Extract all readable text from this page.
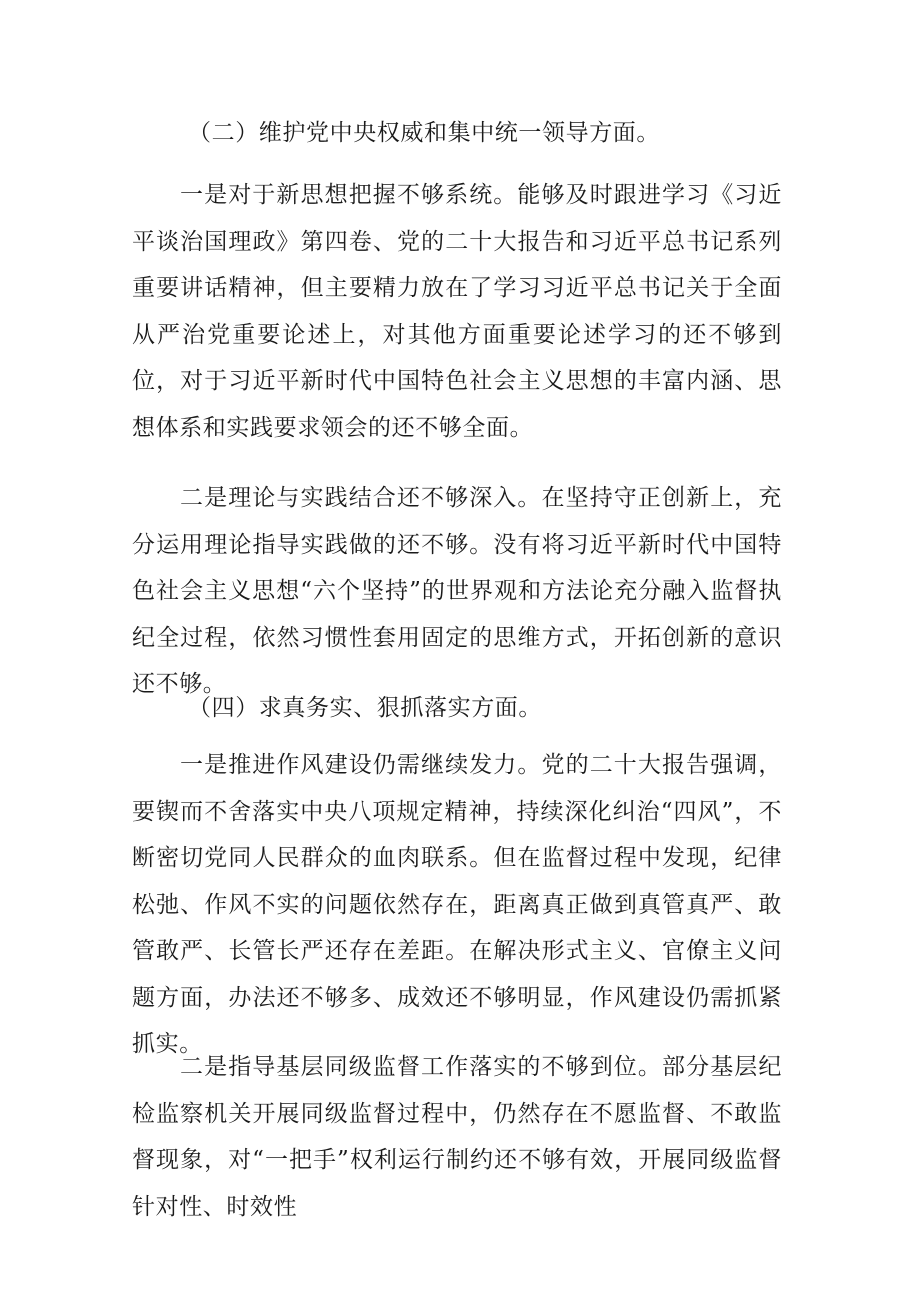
（二）维护党中央权威和集中统一领导方面。

一是对于新思想把握不够系统。能够及时跟进学习《习近平谈治国理政》第四卷、党的二十大报告和习近平总书记系列重要讲话精神，但主要精力放在了学习习近平总书记关于全面从严治党重要论述上，对其他方面重要论述学习的还不够到位，对于习近平新时代中国特色社会主义思想的丰富内涵、思想体系和实践要求领会的还不够全面。

二是理论与实践结合还不够深入。在坚持守正创新上，充分运用理论指导实践做的还不够。没有将习近平新时代中国特色社会主义思想“六个坚持”的世界观和方法论充分融入监督执纪全过程，依然习惯性套用固定的思维方式，开拓创新的意识还不够。

（四）求真务实、狠抓落实方面。

一是推进作风建设仍需继续发力。党的二十大报告强调，要锲而不舍落实中央八项规定精神，持续深化纠治“四风”，不断密切党同人民群众的血肉联系。但在监督过程中发现，纪律松弛、作风不实的问题依然存在，距离真正做到真管真严、敢管敢严、长管长严还存在差距。在解决形式主义、官僚主义问题方面，办法还不够多、成效还不够明显，作风建设仍需抓紧抓实。

二是指导基层同级监督工作落实的不够到位。部分基层纪检监察机关开展同级监督过程中，仍然存在不愿监督、不敢监督现象，对“一把手”权利运行制约还不够有效，开展同级监督针对性、时效性
